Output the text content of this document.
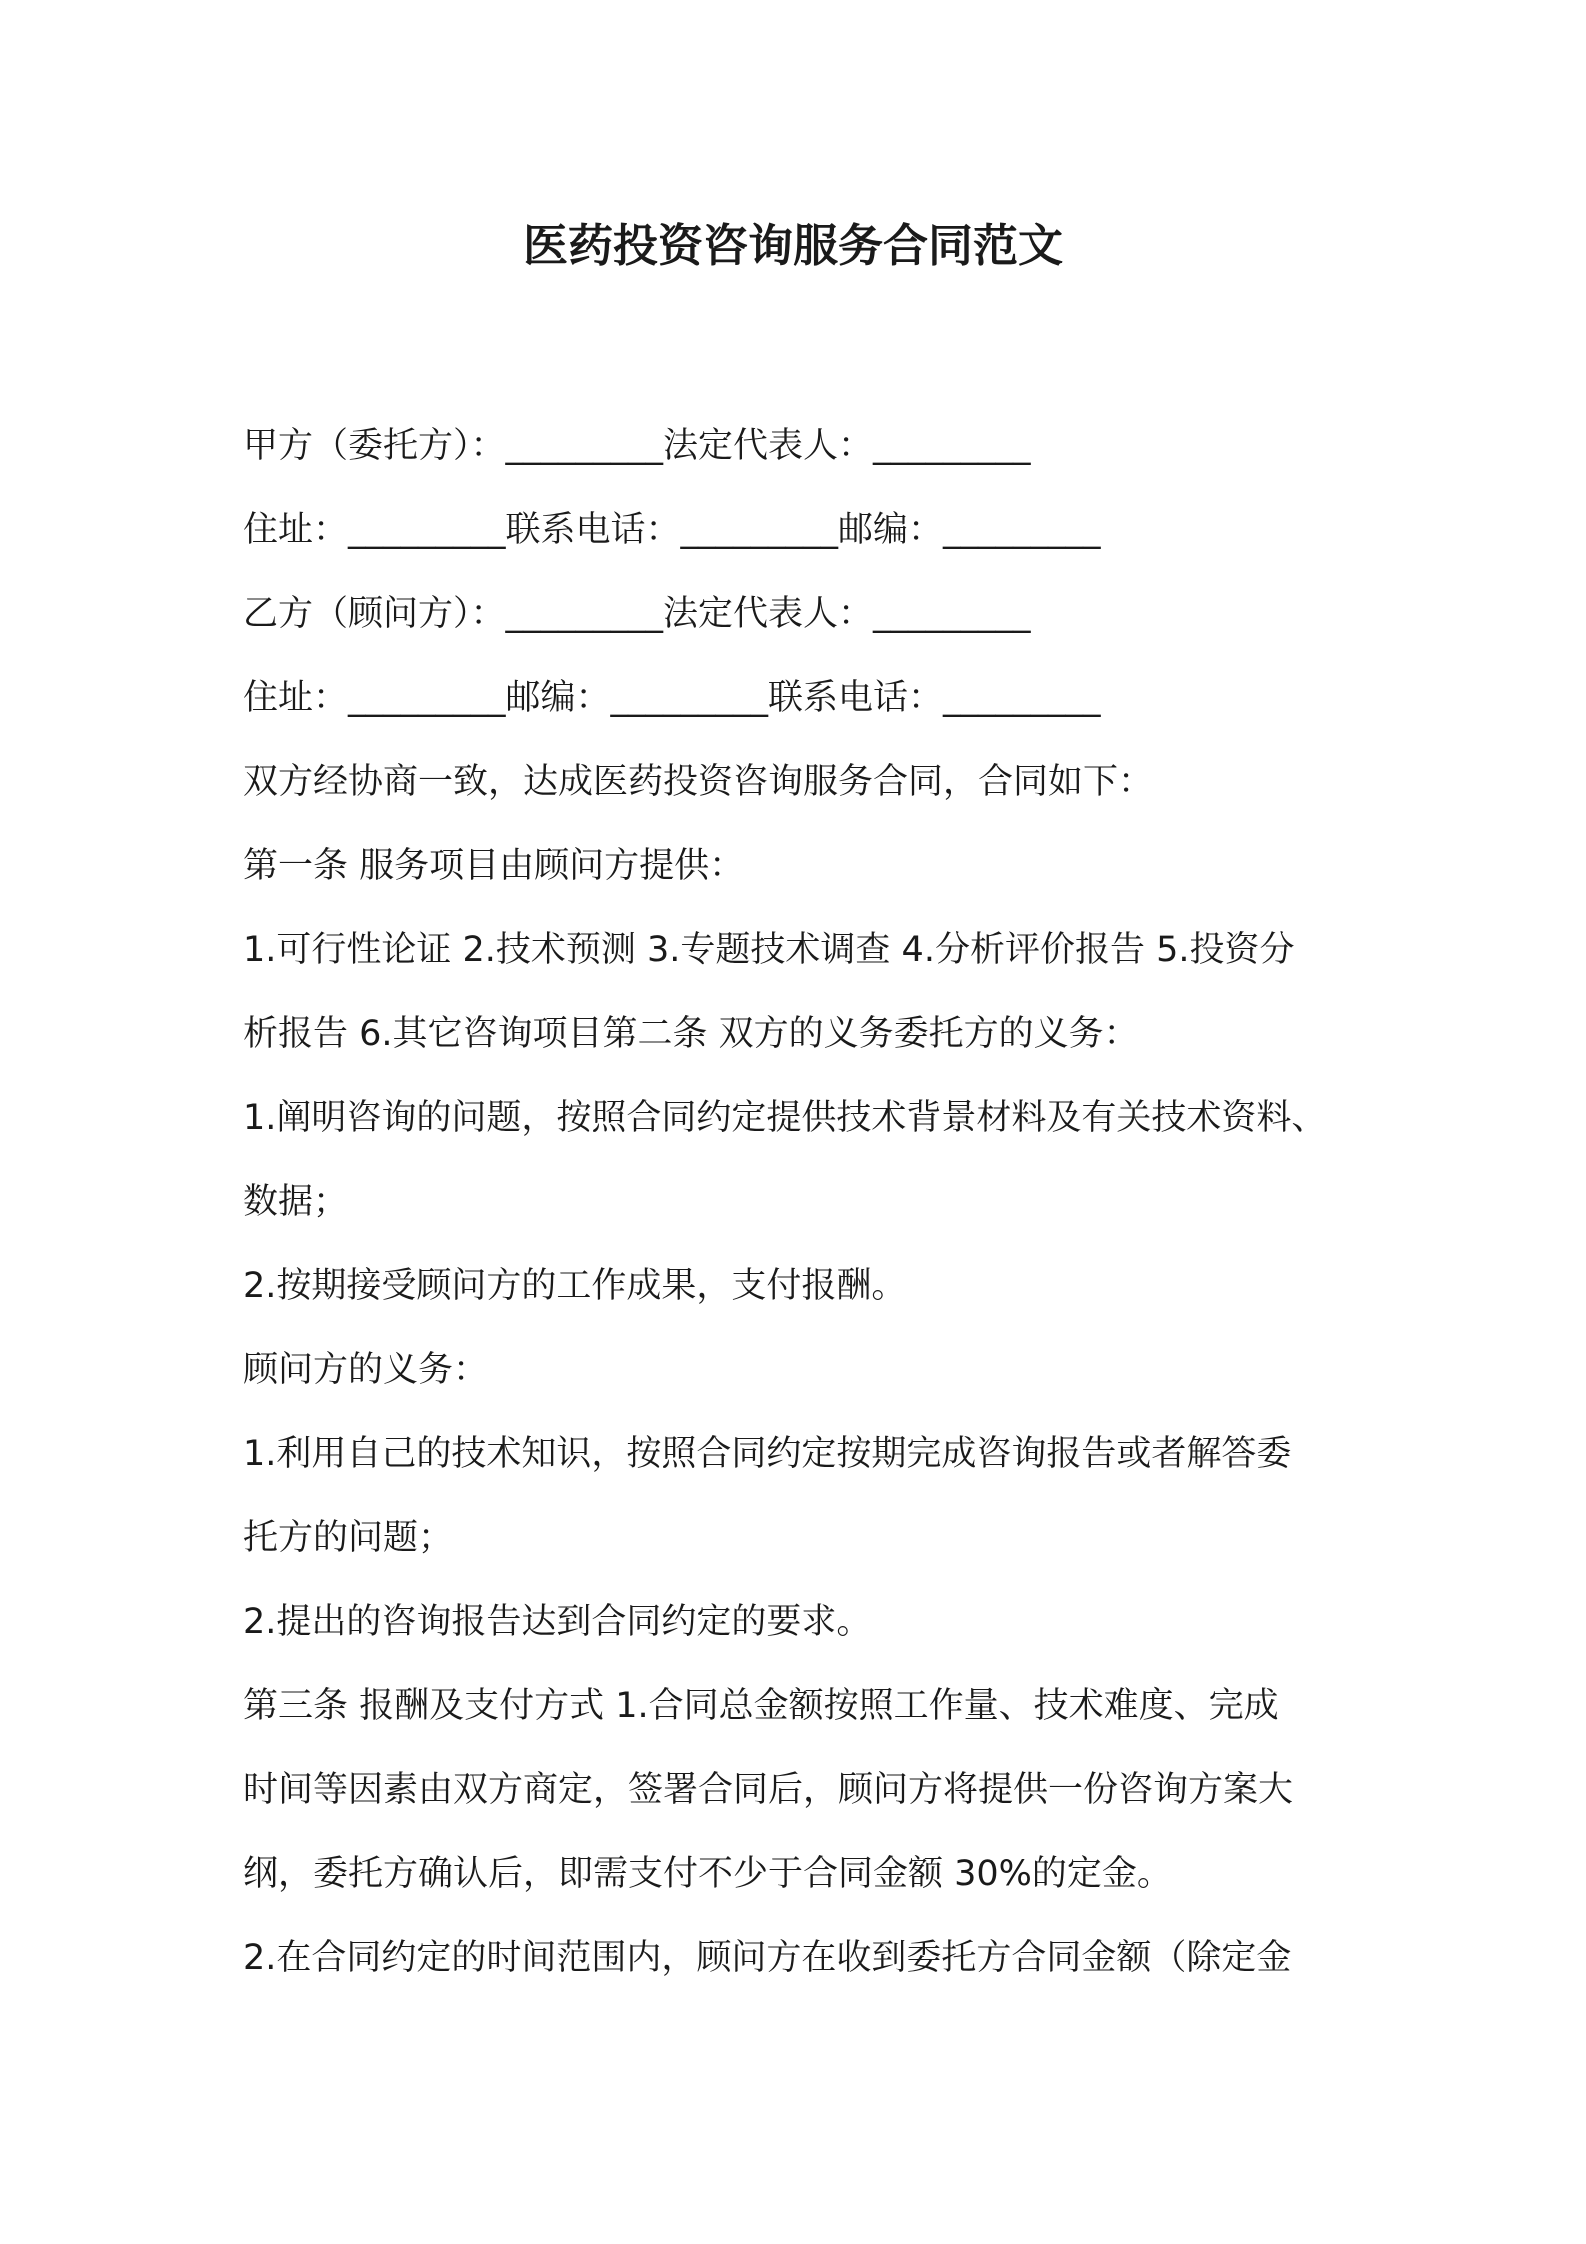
医药投资咨询服务合同范文
甲方（委托方）：_________法定代表人：_________
住址：_________联系电话：_________邮编：_________
乙方（顾问方）：_________法定代表人：_________
住址：_________邮编：_________联系电话：_________
双方经协商一致，达成医药投资咨询服务合同，合同如下：
第一条 服务项目由顾问方提供：
1.可行性论证 2.技术预测 3.专题技术调查 4.分析评价报告 5.投资分
析报告 6.其它咨询项目第二条 双方的义务委托方的义务：
1.阐明咨询的问题，按照合同约定提供技术背景材料及有关技术资料、
数据；
2.按期接受顾问方的工作成果，支付报酬。
顾问方的义务：
1.利用自己的技术知识，按照合同约定按期完成咨询报告或者解答委
托方的问题；
2.提出的咨询报告达到合同约定的要求。
第三条 报酬及支付方式 1.合同总金额按照工作量、技术难度、完成
时间等因素由双方商定，签署合同后，顾问方将提供一份咨询方案大
纲，委托方确认后，即需支付不少于合同金额 30%的定金。
2.在合同约定的时间范围内，顾问方在收到委托方合同金额（除定金
